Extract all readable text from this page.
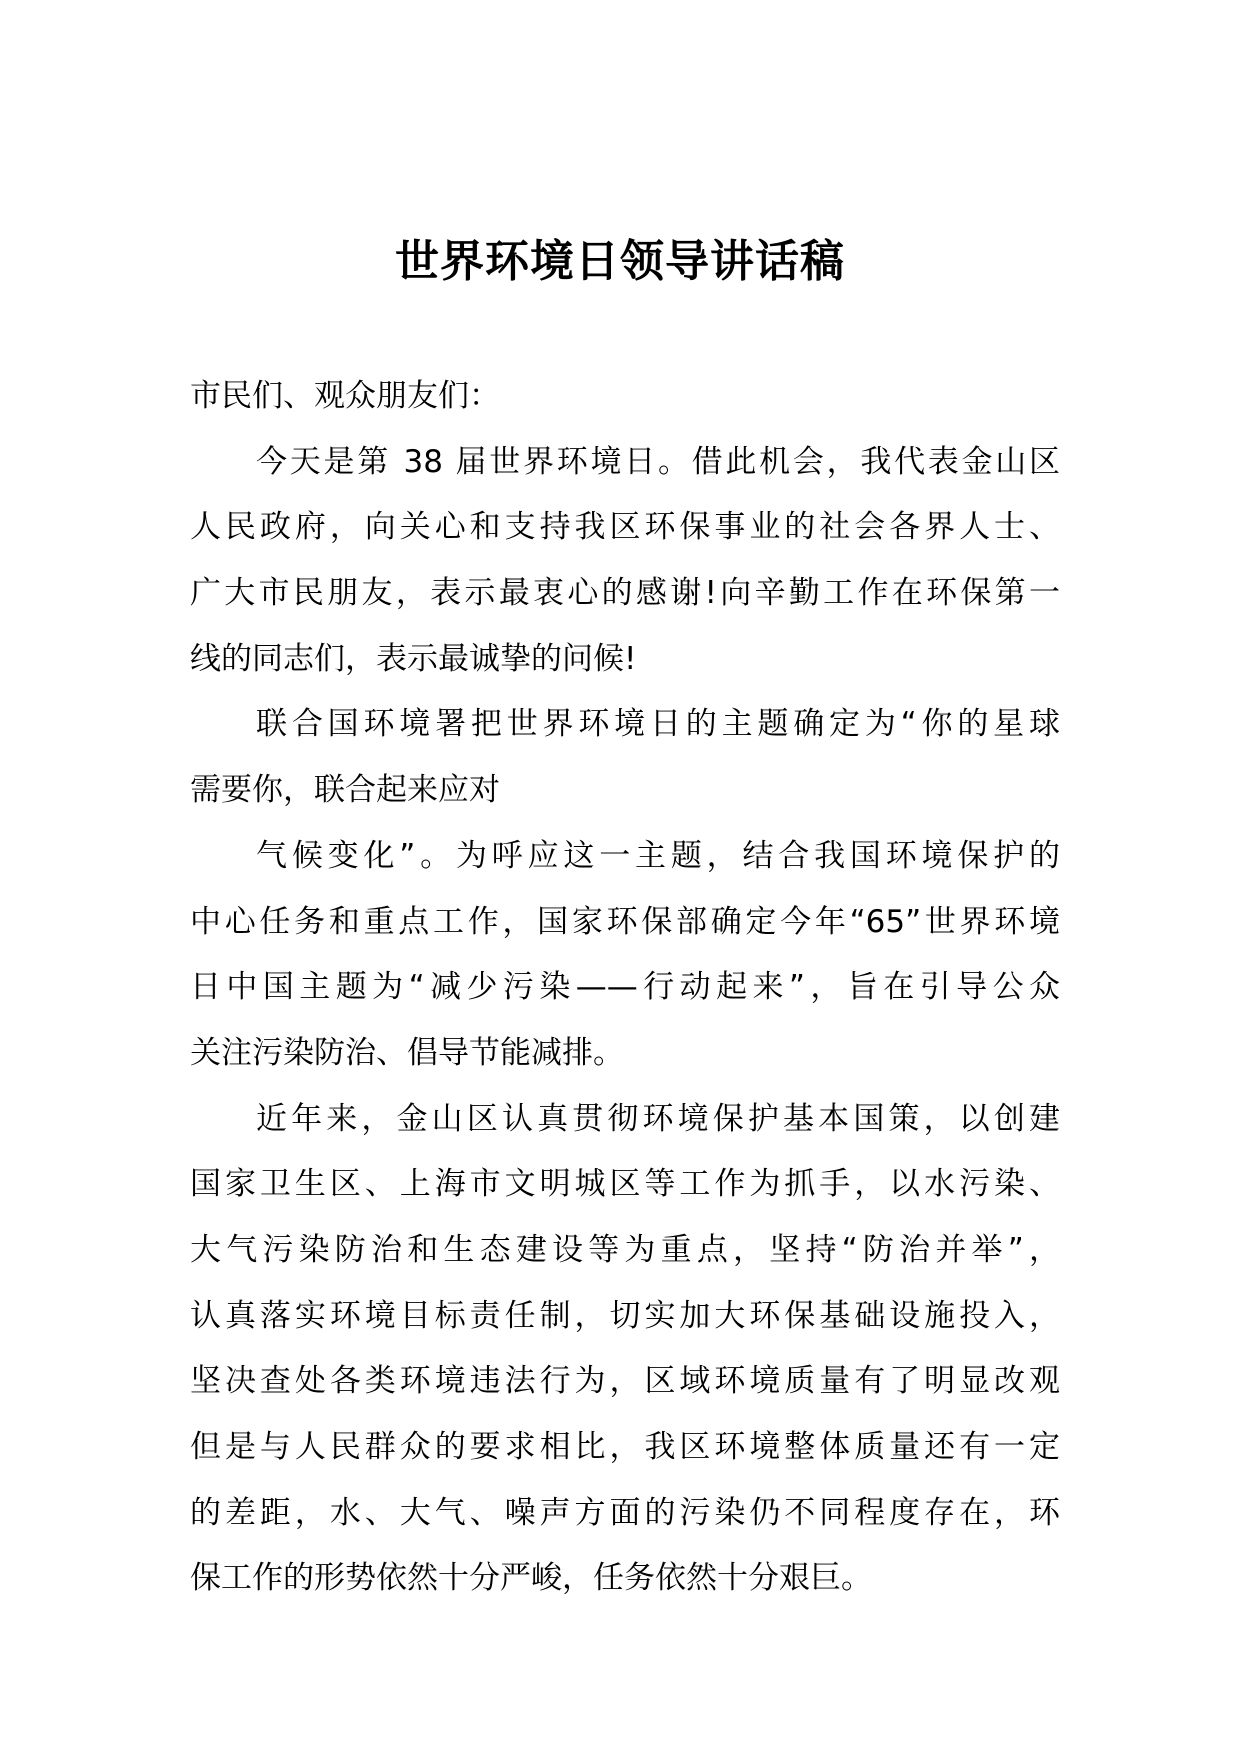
世界环境日领导讲话稿
市民们、观众朋友们：
今天是第 38 届世界环境日。借此机会，我代表金山区
人民政府，向关心和支持我区环保事业的社会各界人士、
广大市民朋友，表示最衷心的感谢!向辛勤工作在环保第一
线的同志们，表示最诚挚的问候!
联合国环境署把世界环境日的主题确定为“你的星球
需要你，联合起来应对
气候变化”。为呼应这一主题，结合我国环境保护的
中心任务和重点工作，国家环保部确定今年“65”世界环境
日中国主题为“减少污染——行动起来”，旨在引导公众
关注污染防治、倡导节能减排。
近年来，金山区认真贯彻环境保护基本国策，以创建
国家卫生区、上海市文明城区等工作为抓手，以水污染、
大气污染防治和生态建设等为重点，坚持“防治并举”，
认真落实环境目标责任制，切实加大环保基础设施投入，
坚决查处各类环境违法行为，区域环境质量有了明显改观
但是与人民群众的要求相比，我区环境整体质量还有一定
的差距，水、大气、噪声方面的污染仍不同程度存在，环
保工作的形势依然十分严峻，任务依然十分艰巨。
